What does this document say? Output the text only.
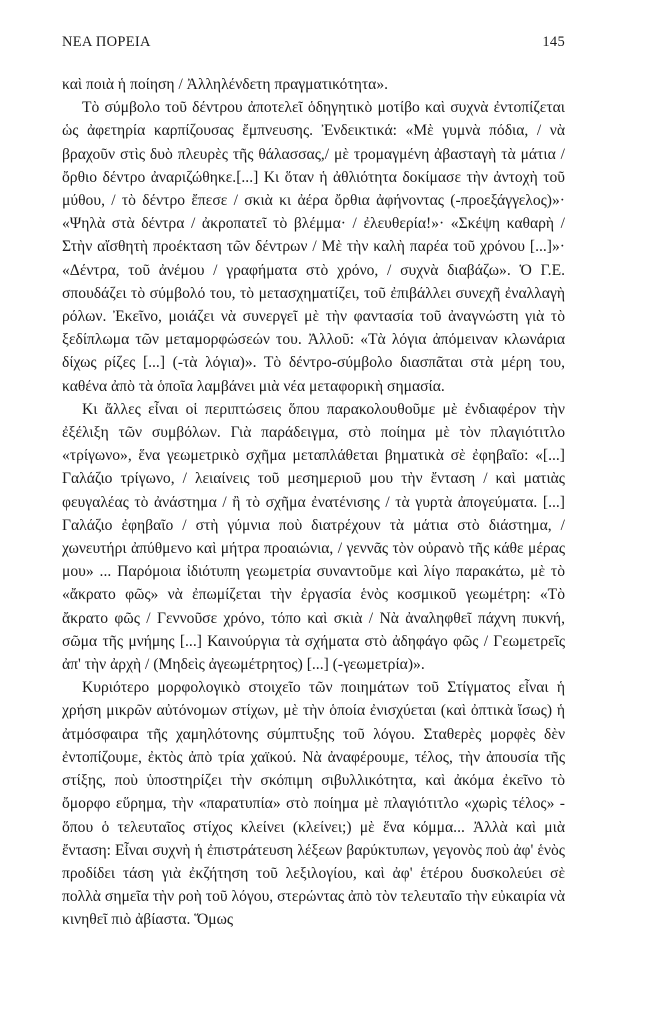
ΝΕΑ ΠΟΡΕΙΑ	145

καὶ ποιὰ ἡ ποίηση / Ἀλληλένδετη πραγματικότητα».

Τὸ σύμβολο τοῦ δέντρου ἀποτελεῖ ὁδηγητικὸ μοτίβο καὶ συχνὰ ἐντοπίζεται ὡς ἀφετηρία καρπίζουσας ἔμπνευσης. Ἐνδεικτικά: «Μὲ γυμνὰ πόδια, / νὰ βραχοῦν στὶς δυὸ πλευρὲς τῆς θάλασσας,/ μὲ τρομαγμένη ἀβασταγὴ τὰ μάτια / ὄρθιο δέντρο ἀναριζώθηκε.[...] Κι ὅταν ἡ ἀθλιότητα δοκίμασε τὴν ἀντοχὴ τοῦ μύθου, / τὸ δέντρο ἔπεσε / σκιὰ κι ἀέρα ὄρθια ἀφήνοντας (-προεξάγγελος)»· «Ψηλὰ στὰ δέντρα / ἀκροπατεῖ τὸ βλέμμα· / ἐλευθερία!»· «Σκέψη καθαρὴ / Στὴν αἴσθητὴ προέκταση τῶν δέντρων / Μὲ τὴν καλὴ παρέα τοῦ χρόνου [...]»· «Δέντρα, τοῦ ἀνέμου / γραφήματα στὸ χρόνο, / συχνὰ διαβάζω». Ὁ Γ.Ε. σπουδάζει τὸ σύμβολό του, τὸ μετασχηματίζει, τοῦ ἐπιβάλλει συνεχῆ ἐναλλαγὴ ρόλων. Ἐκεῖνο, μοιάζει νὰ συνεργεῖ μὲ τὴν φαντασία τοῦ ἀναγνώστη γιὰ τὸ ξεδίπλωμα τῶν μεταμορφώσεών του. Ἀλλοῦ: «Τὰ λόγια ἀπόμειναν κλωνάρια δίχως ρίζες [...] (-τὰ λόγια)». Τὸ δέντρο-σύμβολο διασπᾶται στὰ μέρη του, καθένα ἀπὸ τὰ ὁποῖα λαμβάνει μιὰ νέα μεταφορικὴ σημασία.

Κι ἄλλες εἶναι οἱ περιπτώσεις ὅπου παρακολουθοῦμε μὲ ἐνδιαφέρον τὴν ἐξέλιξη τῶν συμβόλων. Γιὰ παράδειγμα, στὸ ποίημα μὲ τὸν πλαγιότιτλο «τρίγωνο», ἕνα γεωμετρικὸ σχῆμα μεταπλάθεται βηματικὰ σὲ ἐφηβαῖο: «[...] Γαλάζιο τρίγωνο, / λειαίνεις τοῦ μεσημεριοῦ μου τὴν ἔνταση / καὶ ματιὰς φευγαλέας τὸ ἀνάστημα / ἢ τὸ σχῆμα ἐνατένισης / τὰ γυρτὰ ἀπογεύματα. [...] Γαλάζιο ἐφηβαῖο / στὴ γύμνια ποὺ διατρέχουν τὰ μάτια στὸ διάστημα, / χωνευτήρι ἀπύθμενο καὶ μήτρα προαιώνια, / γεννᾶς τὸν οὐρανὸ τῆς κάθε μέρας μου» ... Παρόμοια ἰδιότυπη γεωμετρία συναντοῦμε καὶ λίγο παρακάτω, μὲ τὸ «ἄκρατο φῶς» νὰ ἐπωμίζεται τὴν ἐργασία ἑνὸς κοσμικοῦ γεωμέτρη: «Τὸ ἄκρατο φῶς / Γεννοῦσε χρόνο, τόπο καὶ σκιὰ / Νὰ ἀναληφθεῖ πάχνη πυκνή, σῶμα τῆς μνήμης [...] Καινούργια τὰ σχήματα στὸ ἀδηφάγο φῶς / Γεωμετρεῖς ἀπ' τὴν ἀρχὴ / (Μηδεὶς ἀγεωμέτρητος) [...] (-γεωμετρία)».

Κυριότερο μορφολογικὸ στοιχεῖο τῶν ποιημάτων τοῦ Στίγματος εἶναι ἡ χρήση μικρῶν αὐτόνομων στίχων, μὲ τὴν ὁποία ἐνισχύεται (καὶ ὀπτικὰ ἴσως) ἡ ἀτμόσφαιρα τῆς χαμηλότονης σύμπτυξης τοῦ λόγου. Σταθερὲς μορφὲς δὲν ἐντοπίζουμε, ἐκτὸς ἀπὸ τρία χαϊκού. Νὰ ἀναφέρουμε, τέλος, τὴν ἀπουσία τῆς στίξης, ποὺ ὑποστηρίζει τὴν σκόπιμη σιβυλλικότητα, καὶ ἀκόμα ἐκεῖνο τὸ ὄμορφο εὕρημα, τὴν «παρατυπία» στὸ ποίημα μὲ πλαγιότιτλο «χωρὶς τέλος» - ὅπου ὁ τελευταῖος στίχος κλείνει (κλείνει;) μὲ ἕνα κόμμα... Ἀλλὰ καὶ μιὰ ἔνταση: Εἶναι συχνὴ ἡ ἐπιστράτευση λέξεων βαρύκτυπων, γεγονὸς ποὺ ἀφ' ἑνὸς προδίδει τάση γιὰ ἐκζήτηση τοῦ λεξιλογίου, καὶ ἀφ' ἑτέρου δυσκολεύει σὲ πολλὰ σημεῖα τὴν ροὴ τοῦ λόγου, στερώντας ἀπὸ τὸν τελευταῖο τὴν εὐκαιρία νὰ κινηθεῖ πιὸ ἀβίαστα. Ὅμως
